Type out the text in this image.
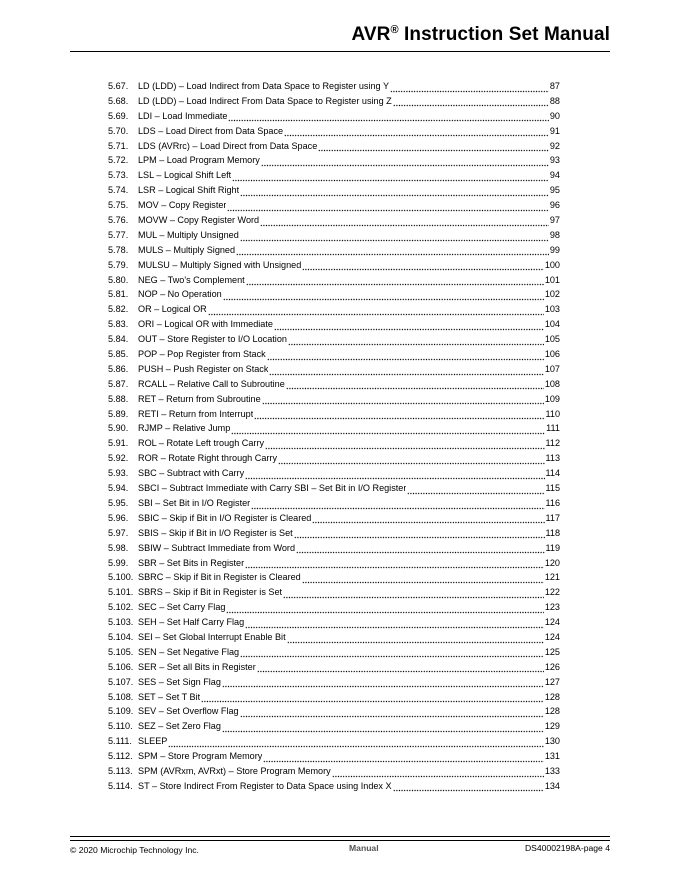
AVR® Instruction Set Manual
5.67.	LD (LDD) – Load Indirect from Data Space to Register using Y	87
5.68.	LD (LDD) – Load Indirect From Data Space to Register using Z	88
5.69.	LDI – Load Immediate	90
5.70.	LDS – Load Direct from Data Space	91
5.71.	LDS (AVRrc) – Load Direct from Data Space	92
5.72.	LPM – Load Program Memory	93
5.73.	LSL – Logical Shift Left	94
5.74.	LSR – Logical Shift Right	95
5.75.	MOV – Copy Register	96
5.76.	MOVW – Copy Register Word	97
5.77.	MUL – Multiply Unsigned	98
5.78.	MULS – Multiply Signed	99
5.79.	MULSU – Multiply Signed with Unsigned	100
5.80.	NEG – Two's Complement	101
5.81.	NOP – No Operation	102
5.82.	OR – Logical OR	103
5.83.	ORI – Logical OR with Immediate	104
5.84.	OUT – Store Register to I/O Location	105
5.85.	POP – Pop Register from Stack	106
5.86.	PUSH – Push Register on Stack	107
5.87.	RCALL – Relative Call to Subroutine	108
5.88.	RET – Return from Subroutine	109
5.89.	RETI – Return from Interrupt	110
5.90.	RJMP – Relative Jump	111
5.91.	ROL – Rotate Left trough Carry	112
5.92.	ROR – Rotate Right through Carry	113
5.93.	SBC – Subtract with Carry	114
5.94.	SBCI – Subtract Immediate with Carry SBI – Set Bit in I/O Register	115
5.95.	SBI – Set Bit in I/O Register	116
5.96.	SBIC – Skip if Bit in I/O Register is Cleared	117
5.97.	SBIS – Skip if Bit in I/O Register is Set	118
5.98.	SBIW – Subtract Immediate from Word	119
5.99.	SBR – Set Bits in Register	120
5.100. SBRC – Skip if Bit in Register is Cleared	121
5.101. SBRS – Skip if Bit in Register is Set	122
5.102. SEC – Set Carry Flag	123
5.103. SEH – Set Half Carry Flag	124
5.104. SEI – Set Global Interrupt Enable Bit	124
5.105. SEN – Set Negative Flag	125
5.106. SER – Set all Bits in Register	126
5.107. SES – Set Sign Flag	127
5.108. SET – Set T Bit	128
5.109. SEV – Set Overflow Flag	128
5.110. SEZ – Set Zero Flag	129
5.111. SLEEP	130
5.112. SPM – Store Program Memory	131
5.113. SPM (AVRxm, AVRxt) – Store Program Memory	133
5.114. ST – Store Indirect From Register to Data Space using Index X	134
© 2020 Microchip Technology Inc.	Manual	DS40002198A-page 4
